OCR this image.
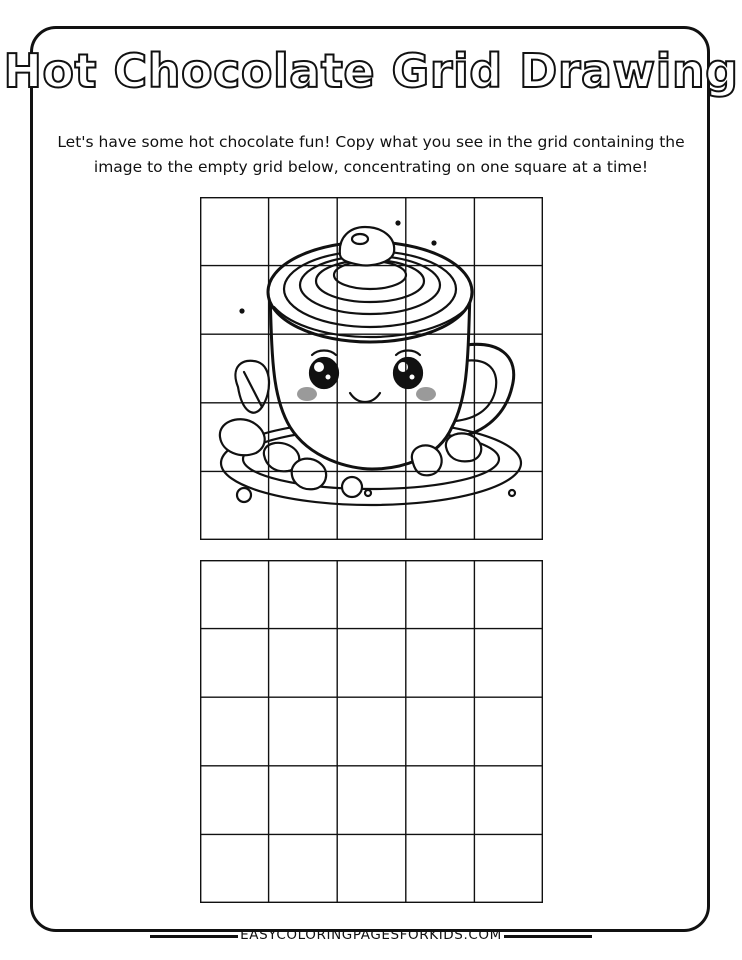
Hot Chocolate Grid Drawing
Let's have some hot chocolate fun! Copy what you see in the grid containing the image to the empty grid below, concentrating on one square at a time!
EASYCOLORINGPAGESFORKIDS.COM
